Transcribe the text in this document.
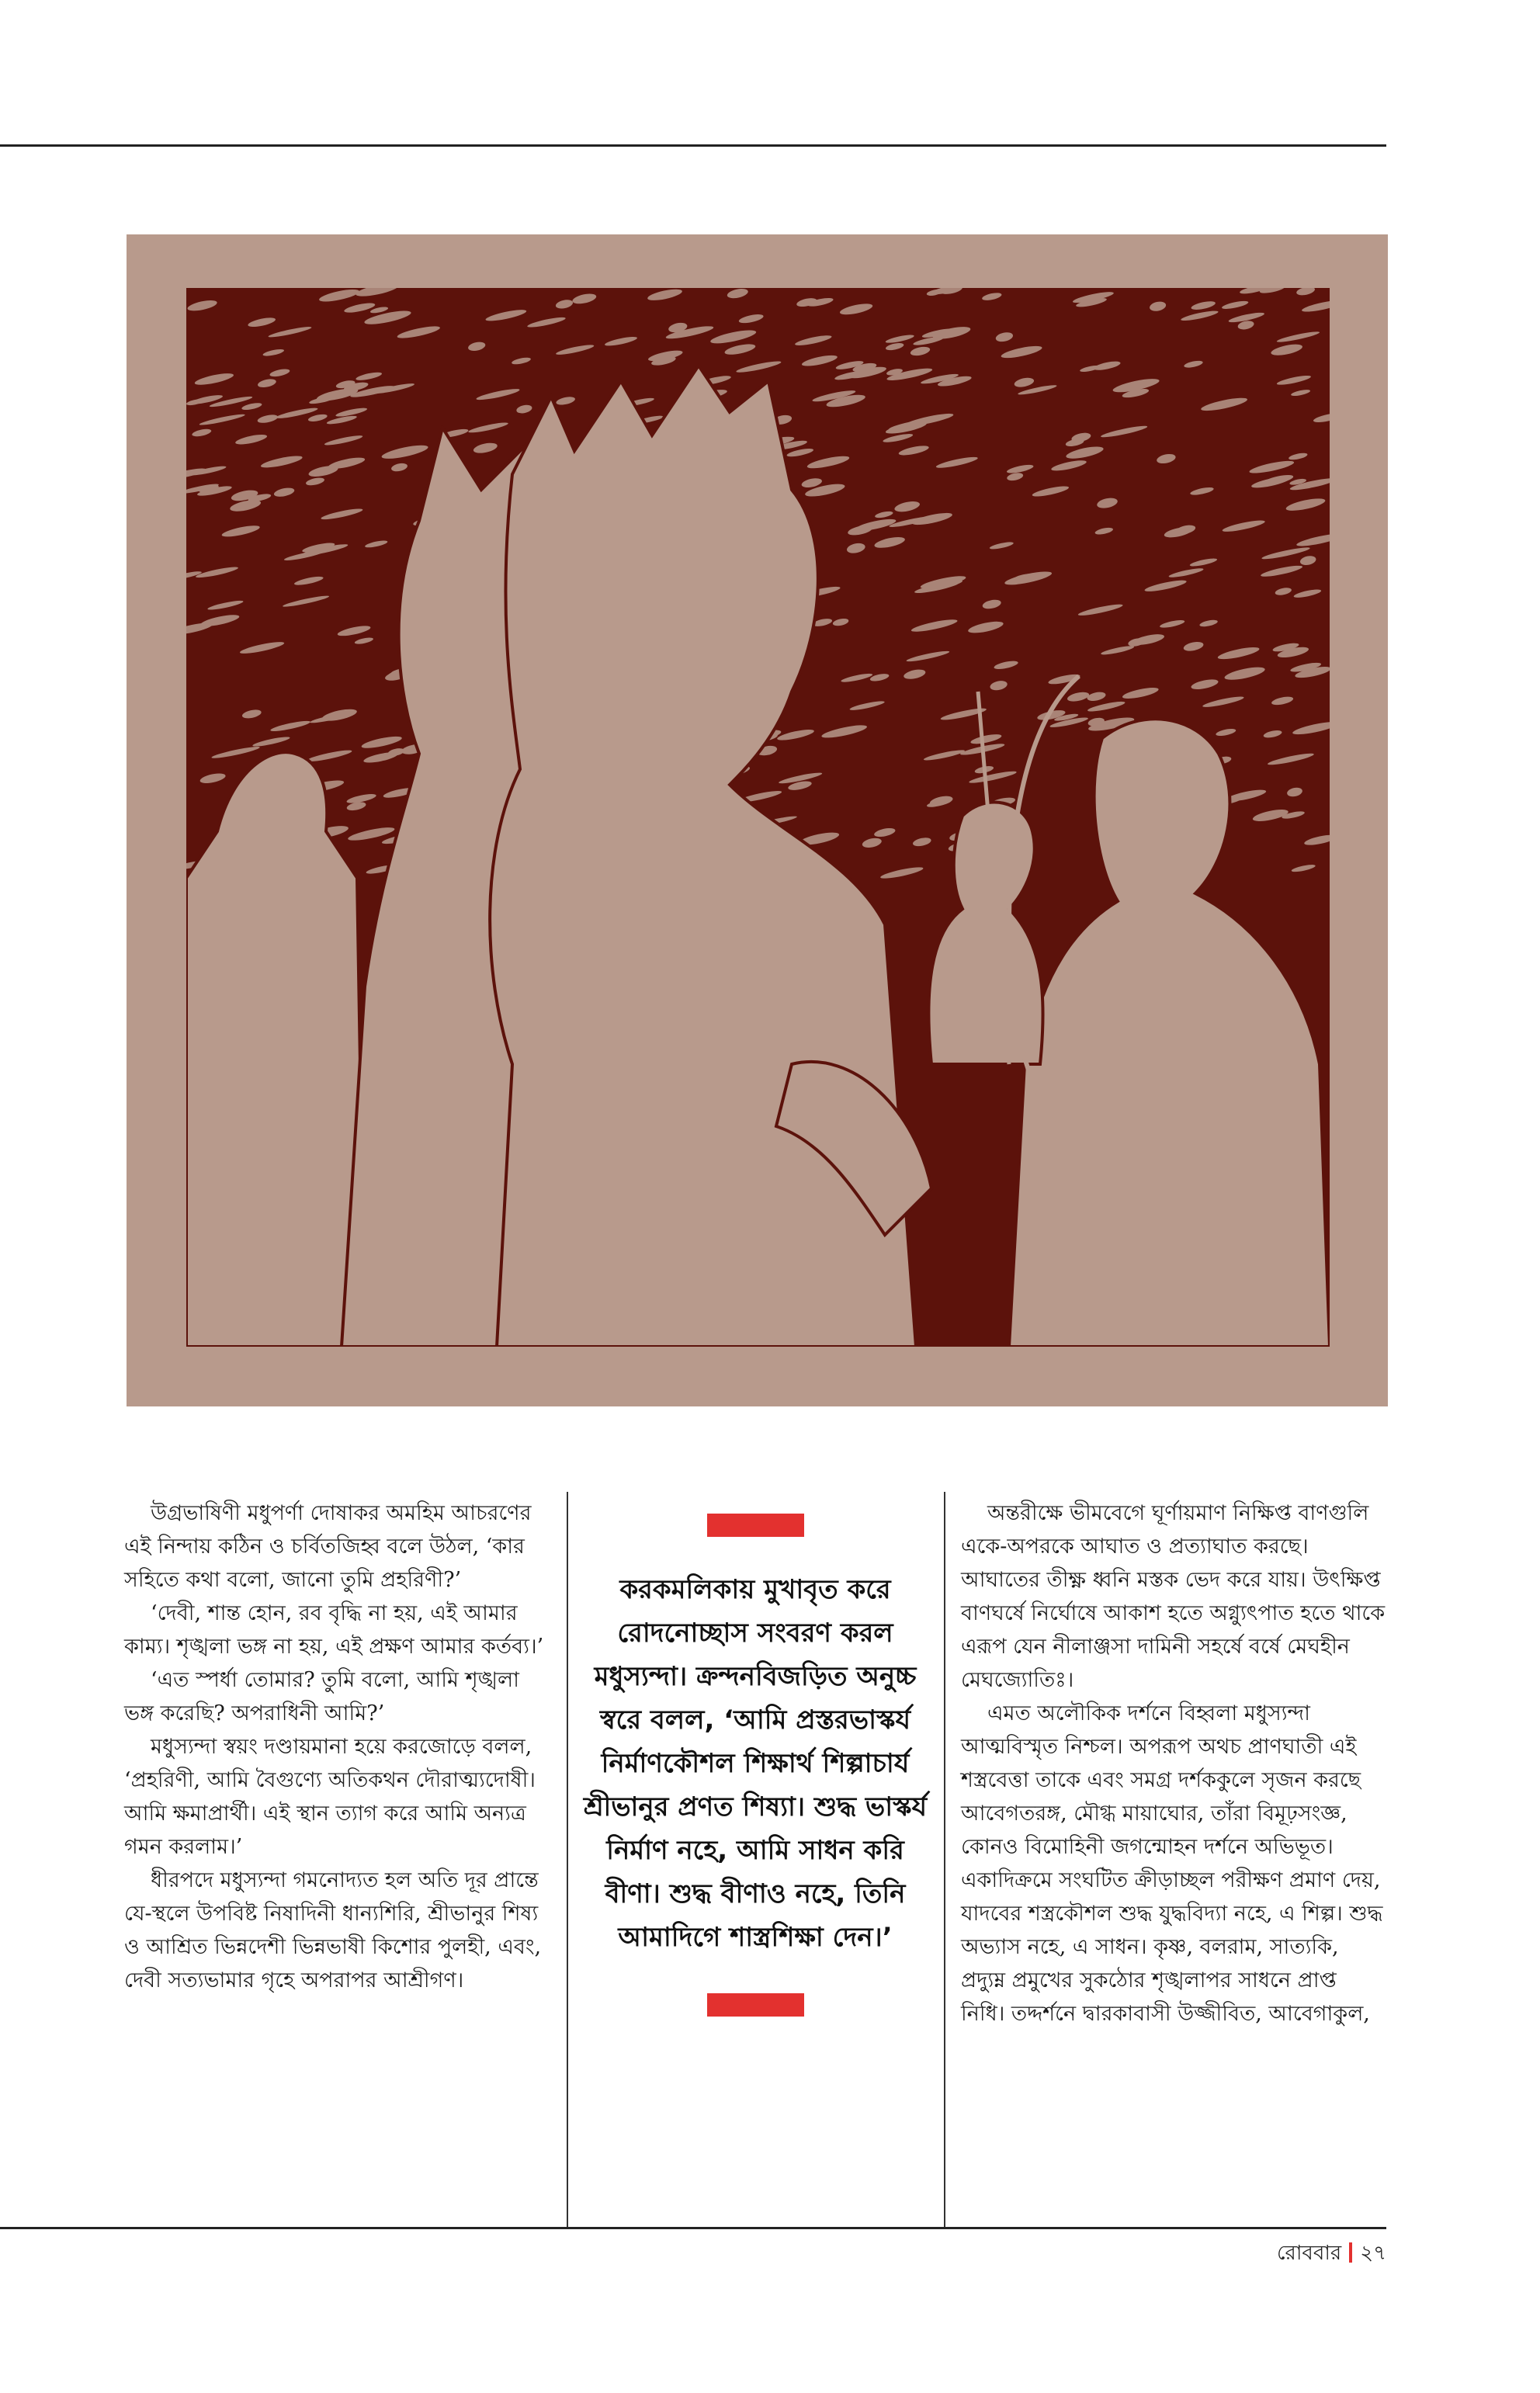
উগ্রভাষিণী মধুপর্ণা দোষাকর অমহিম আচরণের এই নিন্দায় কঠিন ও চর্বিতজিহ্ব বলে উঠল, ‘কার সহিতে কথা বলো, জানো তুমি প্রহরিণী?’

‘দেবী, শান্ত হোন, রব বৃদ্ধি না হয়, এই আমার কাম্য। শৃঙ্খলা ভঙ্গ না হয়, এই প্রক্ষণ আমার কর্তব্য।’

‘এত স্পর্ধা তোমার? তুমি বলো, আমি শৃঙ্খলা ভঙ্গ করেছি? অপরাধিনী আমি?’

মধুস্যন্দা স্বয়ং দণ্ডায়মানা হয়ে করজোড়ে বলল, ‘প্রহরিণী, আমি বৈগুণ্যে অতিকথন দৌরাত্ম্যদোষী। আমি ক্ষমাপ্রার্থী। এই স্থান ত্যাগ করে আমি অন্যত্র গমন করলাম।’

ধীরপদে মধুস্যন্দা গমনোদ্যত হল অতি দূর প্রান্তে যে-স্থলে উপবিষ্ট নিষাদিনী ধান্যশিরি, শ্রীভানুর শিষ্য ও আশ্রিত ভিন্নদেশী ভিন্নভাষী কিশোর পুলহী, এবং, দেবী সত্যভামার গৃহে অপরাপর আশ্রীগণ।

করকমলিকায় মুখাবৃত করে রোদনোচ্ছাস সংবরণ করল মধুস্যন্দা। ক্রন্দনবিজড়িত অনুচ্চ স্বরে বলল, ‘আমি প্রস্তরভাস্কর্য নির্মাণকৌশল শিক্ষার্থ শিল্পাচার্য শ্রীভানুর প্রণত শিষ্যা। শুদ্ধ ভাস্কর্য নির্মাণ নহে, আমি সাধন করি বীণা। শুদ্ধ বীণাও নহে, তিনি আমাদিগে শাস্ত্রশিক্ষা দেন।’

অন্তরীক্ষে ভীমবেগে ঘূর্ণায়মাণ নিক্ষিপ্ত বাণগুলি একে-অপরকে আঘাত ও প্রত্যাঘাত করছে। আঘাতের তীক্ষ্ণ ধ্বনি মস্তক ভেদ করে যায়। উৎক্ষিপ্ত বাণঘর্ষে নির্ঘোষে আকাশ হতে অগ্ন্যুৎপাত হতে থাকে এরূপ যেন নীলাঞ্জসা দামিনী সহর্ষে বর্ষে মেঘহীন মেঘজ্যোতিঃ।

এমত অলৌকিক দর্শনে বিহ্বলা মধুস্যন্দা আত্মবিস্মৃত নিশ্চল। অপরূপ অথচ প্রাণঘাতী এই শস্ত্রবেত্তা তাকে এবং সমগ্র দর্শককুলে সৃজন করছে আবেগতরঙ্গ, মৌগ্ধ মায়াঘোর, তাঁরা বিমূঢ়সংজ্ঞ, কোনও বিমোহিনী জগন্মোহন দর্শনে অভিভূত। একাদিক্রমে সংঘটিত ক্রীড়াচ্ছল পরীক্ষণ প্রমাণ দেয়, যাদবের শস্ত্রকৌশল শুদ্ধ যুদ্ধবিদ্যা নহে, এ শিল্প। শুদ্ধ অভ্যাস নহে, এ সাধন। কৃষ্ণ, বলরাম, সাত্যকি, প্রদ্যুম্ন প্রমুখের সুকঠোর শৃঙ্খলাপর সাধনে প্রাপ্ত নিধি। তদ্দর্শনে দ্বারকাবাসী উজ্জীবিত, আবেগাকুল,

রোববার ২৭
